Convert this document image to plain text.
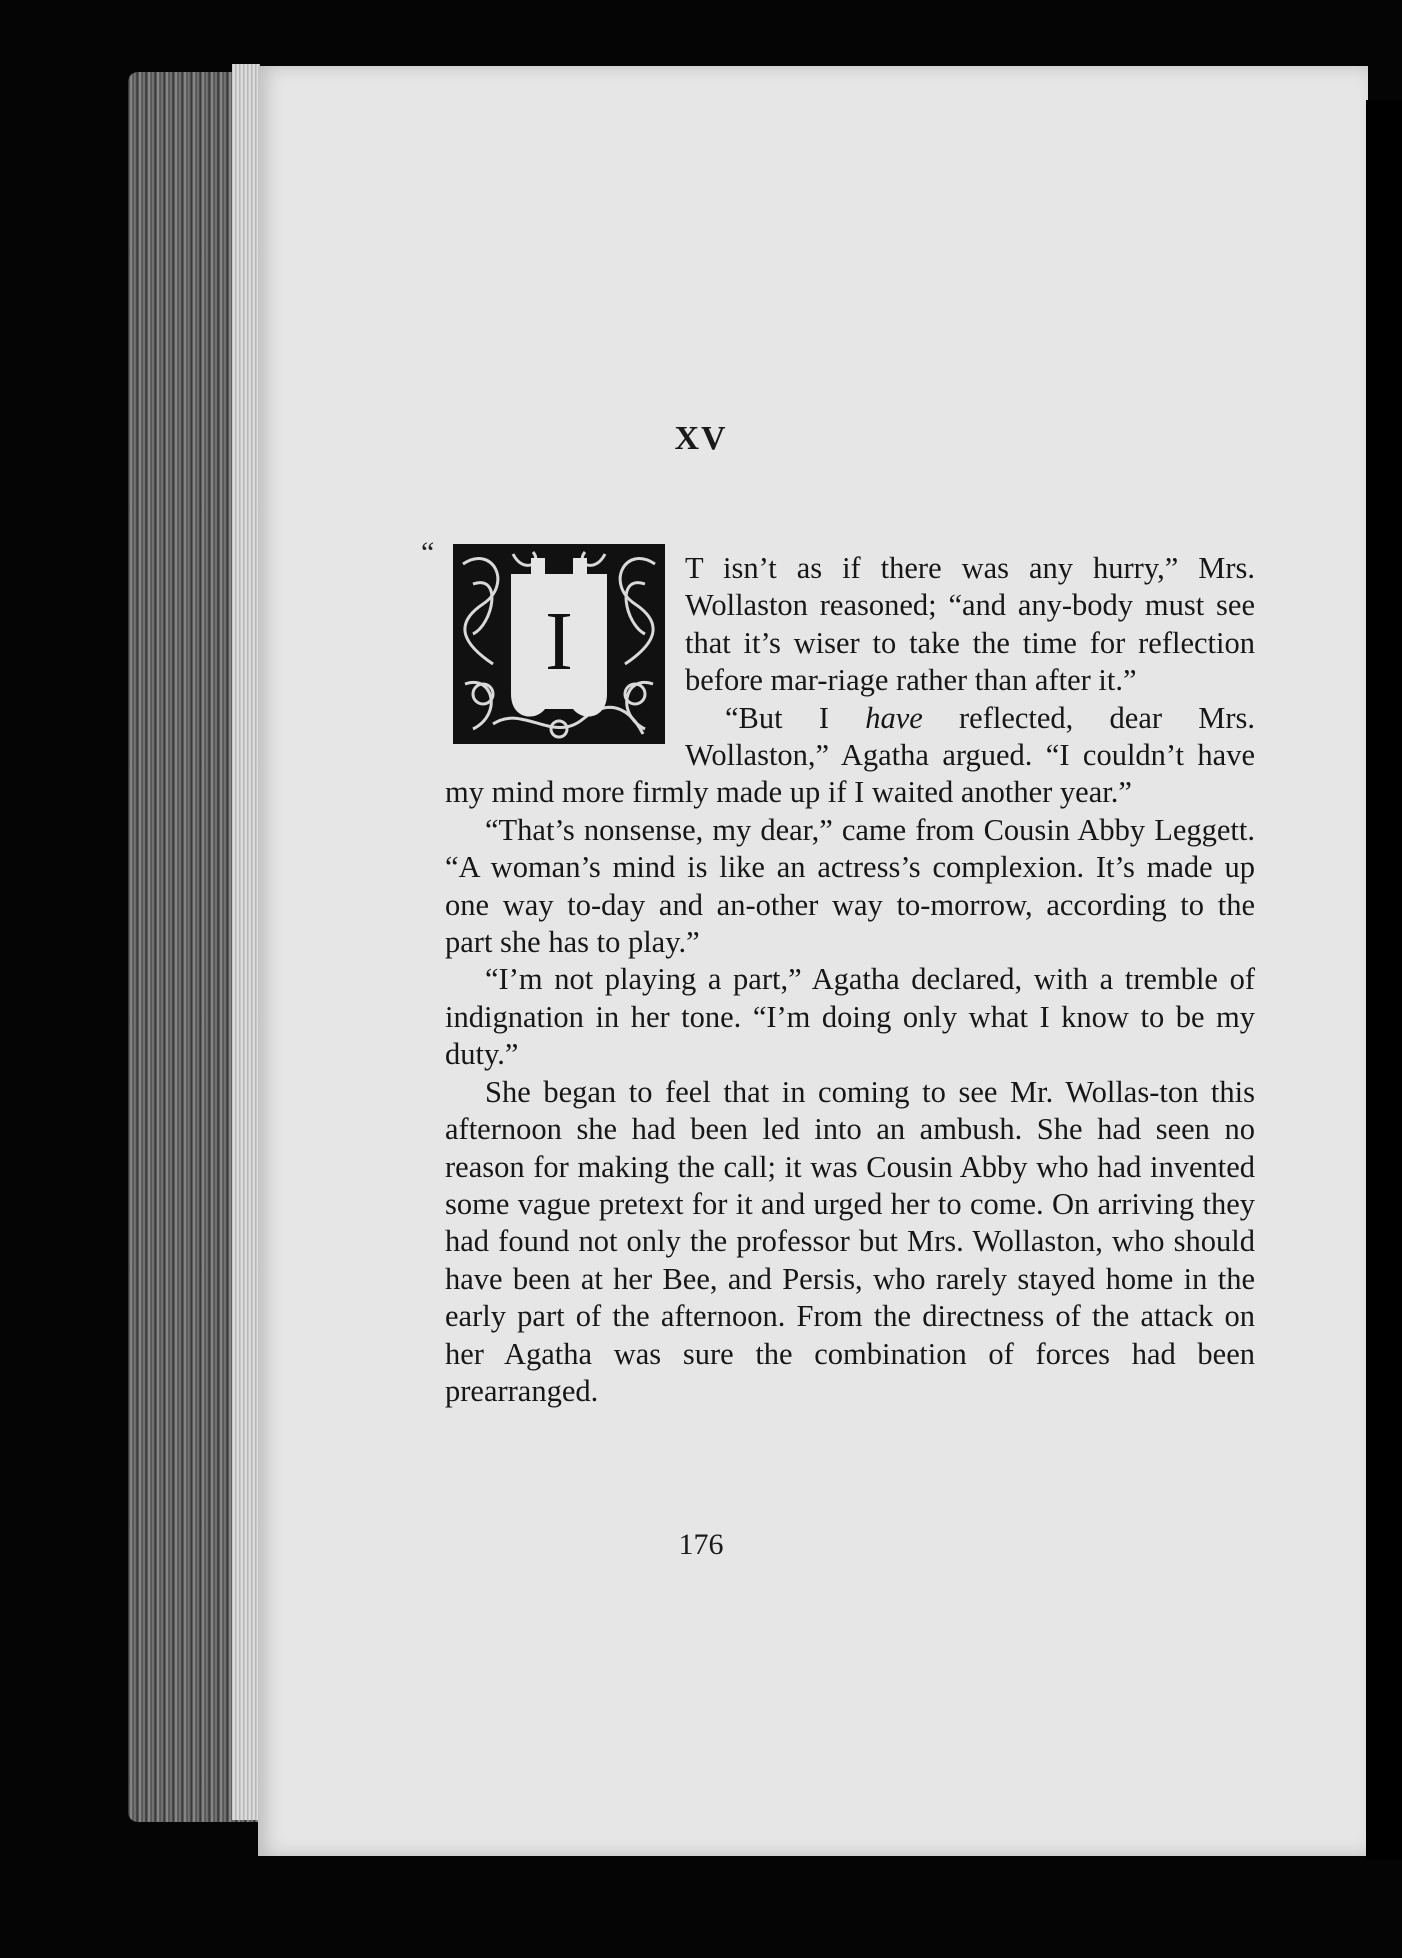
XV
“
I

T isn’t as if there was any hurry,” Mrs. Wollaston reasoned; “and any-body must see that it’s wiser to take the time for reflection before mar-riage rather than after it.”

“But I have reflected, dear Mrs. Wollaston,” Agatha argued. “I couldn’t have my mind more firmly made up if I waited another year.”

“That’s nonsense, my dear,” came from Cousin Abby Leggett. “A woman’s mind is like an actress’s complexion. It’s made up one way to-day and an-other way to-morrow, according to the part she has to play.”

“I’m not playing a part,” Agatha declared, with a tremble of indignation in her tone. “I’m doing only what I know to be my duty.”

She began to feel that in coming to see Mr. Wollas-ton this afternoon she had been led into an ambush. She had seen no reason for making the call; it was Cousin Abby who had invented some vague pretext for it and urged her to come. On arriving they had found not only the professor but Mrs. Wollaston, who should have been at her Bee, and Persis, who rarely stayed home in the early part of the afternoon. From the directness of the attack on her Agatha was sure the combination of forces had been prearranged.

176
